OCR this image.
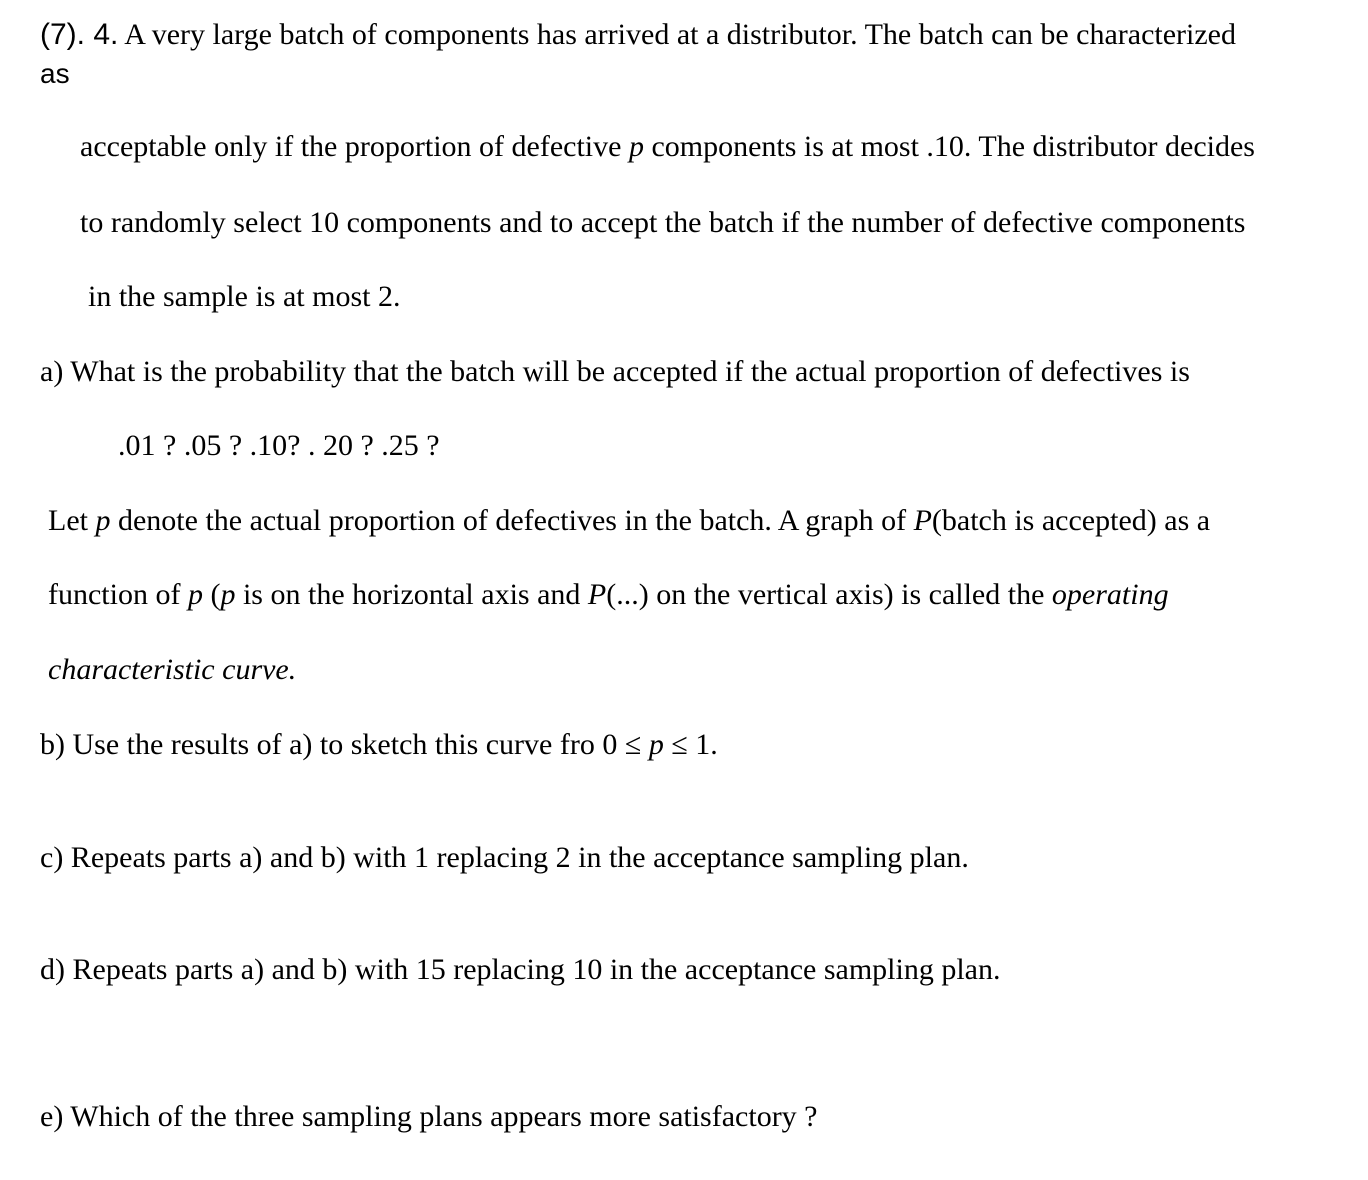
(7). 4. A very large batch of components has arrived at a distributor. The batch can be characterized
as
acceptable only if the proportion of defective p components is at most .10. The distributor decides
to randomly select 10 components and to accept the batch if the number of defective components
in the sample is at most 2.
a) What is the probability that the batch will be accepted if the actual proportion of defectives is
.01 ? .05 ? .10? . 20 ? .25 ?
Let p denote the actual proportion of defectives in the batch. A graph of P(batch is accepted) as a
function of p (p is on the horizontal axis and P(...) on the vertical axis) is called the operating
characteristic curve.
b) Use the results of a) to sketch this curve fro 0 ≤ p ≤ 1.
c) Repeats parts a) and b) with 1 replacing 2 in the acceptance sampling plan.
d) Repeats parts a) and b) with 15 replacing 10 in the acceptance sampling plan.
e) Which of the three sampling plans appears more satisfactory ?
